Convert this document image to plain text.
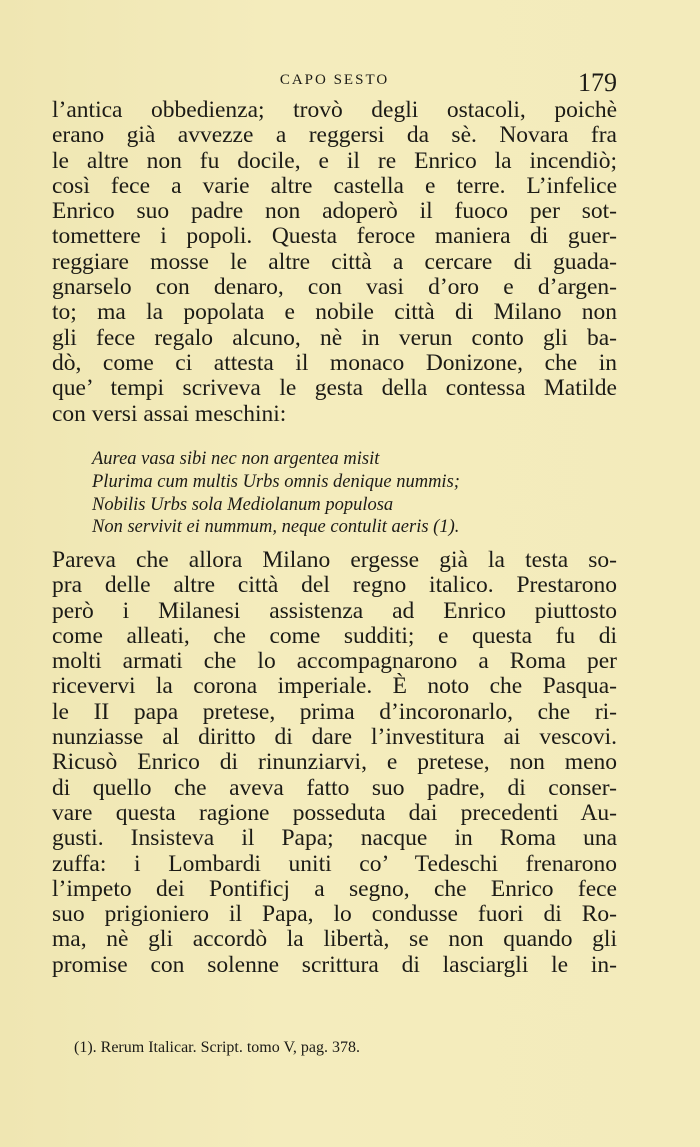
CAPO SESTO	179
l’antica obbedienza; trovò degli ostacoli, poichè
erano già avvezze a reggersi da sè. Novara fra
le altre non fu docile, e il re Enrico la incendiò;
così fece a varie altre castella e terre. L’infelice
Enrico suo padre non adoperò il fuoco per sot-
tomettere i popoli. Questa feroce maniera di guer-
reggiare mosse le altre città a cercare di guada-
gnarselo con denaro, con vasi d’oro e d’argen-
to; ma la popolata e nobile città di Milano non
gli fece regalo alcuno, nè in verun conto gli ba-
dò, come ci attesta il monaco Donizone, che in
que’ tempi scriveva le gesta della contessa Matilde
con versi assai meschini:
Aurea vasa sibi nec non argentea misit
Plurima cum multis Urbs omnis denique nummis;
Nobilis Urbs sola Mediolanum populosa
Non servivit ei nummum, neque contulit aeris (1).
Pareva che allora Milano ergesse già la testa so-
pra delle altre città del regno italico. Prestarono
però i Milanesi assistenza ad Enrico piuttosto
come alleati, che come sudditi; e questa fu di
molti armati che lo accompagnarono a Roma per
ricevervi la corona imperiale. È noto che Pasqua-
le II papa pretese, prima d’incoronarlo, che ri-
nunziasse al diritto di dare l’investitura ai vescovi.
Ricusò Enrico di rinunziarvi, e pretese, non meno
di quello che aveva fatto suo padre, di conser-
vare questa ragione posseduta dai precedenti Au-
gusti. Insisteva il Papa; nacque in Roma una
zuffa: i Lombardi uniti co’ Tedeschi frenarono
l’impeto dei Pontificj a segno, che Enrico fece
suo prigioniero il Papa, lo condusse fuori di Ro-
ma, nè gli accordò la libertà, se non quando gli
promise con solenne scrittura di lasciargli le in-
(1). Rerum Italicar. Script. tomo V, pag. 378.
